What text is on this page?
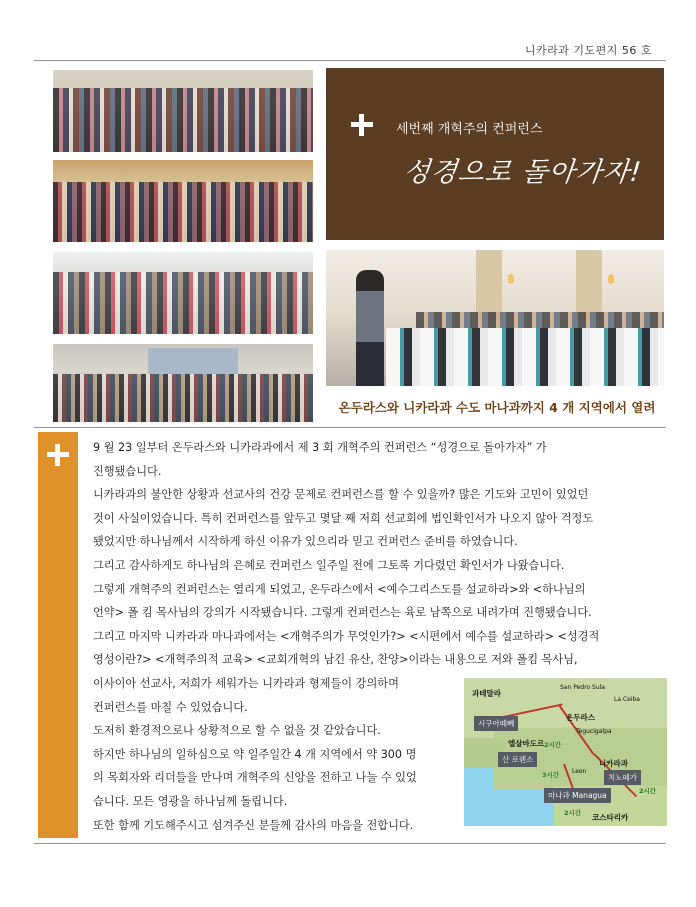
니카라과 기도편지 56 호
세번째 개혁주의 컨퍼런스
성경으로 돌아가자!
온두라스와 니카라과 수도 마나과까지 4 개 지역에서 열려

9 월 23 일부터 온두라스와 니카라과에서 제 3 회 개혁주의 컨퍼런스 “성경으로 돌아가자” 가

진행됐습니다.

니카라과의 불안한 상황과 선교사의 건강 문제로 컨퍼런스를 할 수 있을까? 많은 기도와 고민이 있었던

것이 사실이었습니다. 특히 컨퍼런스를 앞두고 몇달 째 저희 선교회에 법인확인서가 나오지 않아 걱정도

됐었지만 하나님께서 시작하게 하신 이유가 있으리라 믿고 컨퍼런스 준비를 하였습니다.

그리고 감사하게도 하나님의 은혜로 컨퍼런스 일주일 전에 그토록 기다렸던 확인서가 나왔습니다.

그렇게 개혁주의 컨퍼런스는 열리게 되었고, 온두라스에서 <예수그리스도를 설교하라>와 <하나님의

언약> 폴 킴 목사님의 강의가 시작됐습니다. 그렇게 컨퍼런스는 육로 남쪽으로 내려가며 진행됐습니다.

그리고 마지막 니카라과 마나과에서는 <개혁주의가 무엇인가?> <시편에서 예수를 설교하라> <성경적

영성이란?> <개혁주의적 교육> <교회개혁의 남긴 유산, 찬양>이라는 내용으로 저와 폴킴 목사님,

이사이아 선교사, 저희가 세워가는 니카라과 형제들이 강의하며

컨퍼런스를 마칠 수 있었습니다.

도저히 환경적으로나 상황적으로 할 수 없을 것 같았습니다.

하지만 하나님의 일하심으로 약 일주일간 4 개 지역에서 약 300 명

의 목회자와 리더들을 만나며 개혁주의 신앙을 전하고 나눌 수 있었

습니다. 모든 영광을 하나님께 돌립니다.

또한 함께 기도해주시고 섬겨주신 분들께 감사의 마음을 전합니다.

과테말라
온두라스
엘살바도르
니카라과
코스타리카
San Pedro Sula
La Ceiba
Tegucigalpa
Leon
시구아떼뻬
산 로렌소
치노떼가
마나과 Managua
2시간
3시간
2시간
2시간
